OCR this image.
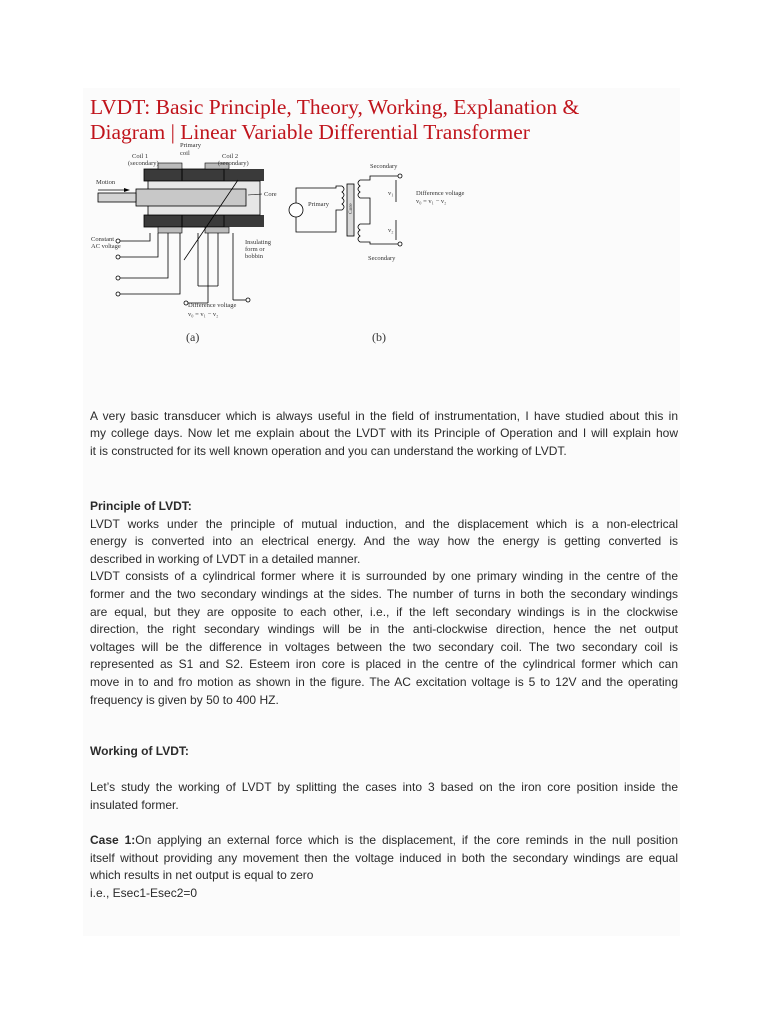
LVDT: Basic Principle, Theory, Working, Explanation &
Diagram | Linear Variable Differential Transformer
Primary
coil
Coil 1
(secondary)
Coil 2
(secondary)
Motion
Core
Constant
AC voltage
Insulating
form or
bobbin
Difference voltage
v₀ = v₁ − v₂
(a)
Primary	Core
Secondary
Secondary
v₁
v₂
Difference voltage
v₀ = v₁ − v₂
(b)
A very basic transducer which is always useful in the field of instrumentation, I have studied about this in
my college days. Now let me explain about the LVDT with its Principle of Operation and I will explain how
it is constructed for its well known operation and you can understand the working of LVDT.
Principle of LVDT:
LVDT works under the principle of mutual induction, and the displacement which is a non-electrical
energy is converted into an electrical energy. And the way how the energy is getting converted is
described in working of LVDT in a detailed manner.
LVDT consists of a cylindrical former where it is surrounded by one primary winding in the centre of the
former and the two secondary windings at the sides. The number of turns in both the secondary windings
are equal, but they are opposite to each other, i.e., if the left secondary windings is in the clockwise
direction, the right secondary windings will be in the anti-clockwise direction, hence the net output
voltages will be the difference in voltages between the two secondary coil. The two secondary coil is
represented as S1 and S2. Esteem iron core is placed in the centre of the cylindrical former which can
move in to and fro motion as shown in the figure. The AC excitation voltage is 5 to 12V and the operating
frequency is given by 50 to 400 HZ.
Working of LVDT:
Let’s study the working of LVDT by splitting the cases into 3 based on the iron core position inside the
insulated former.
Case 1:On applying an external force which is the displacement, if the core reminds in the null position
itself without providing any movement then the voltage induced in both the secondary windings are equal
which results in net output is equal to zero
i.e., Esec1-Esec2=0
